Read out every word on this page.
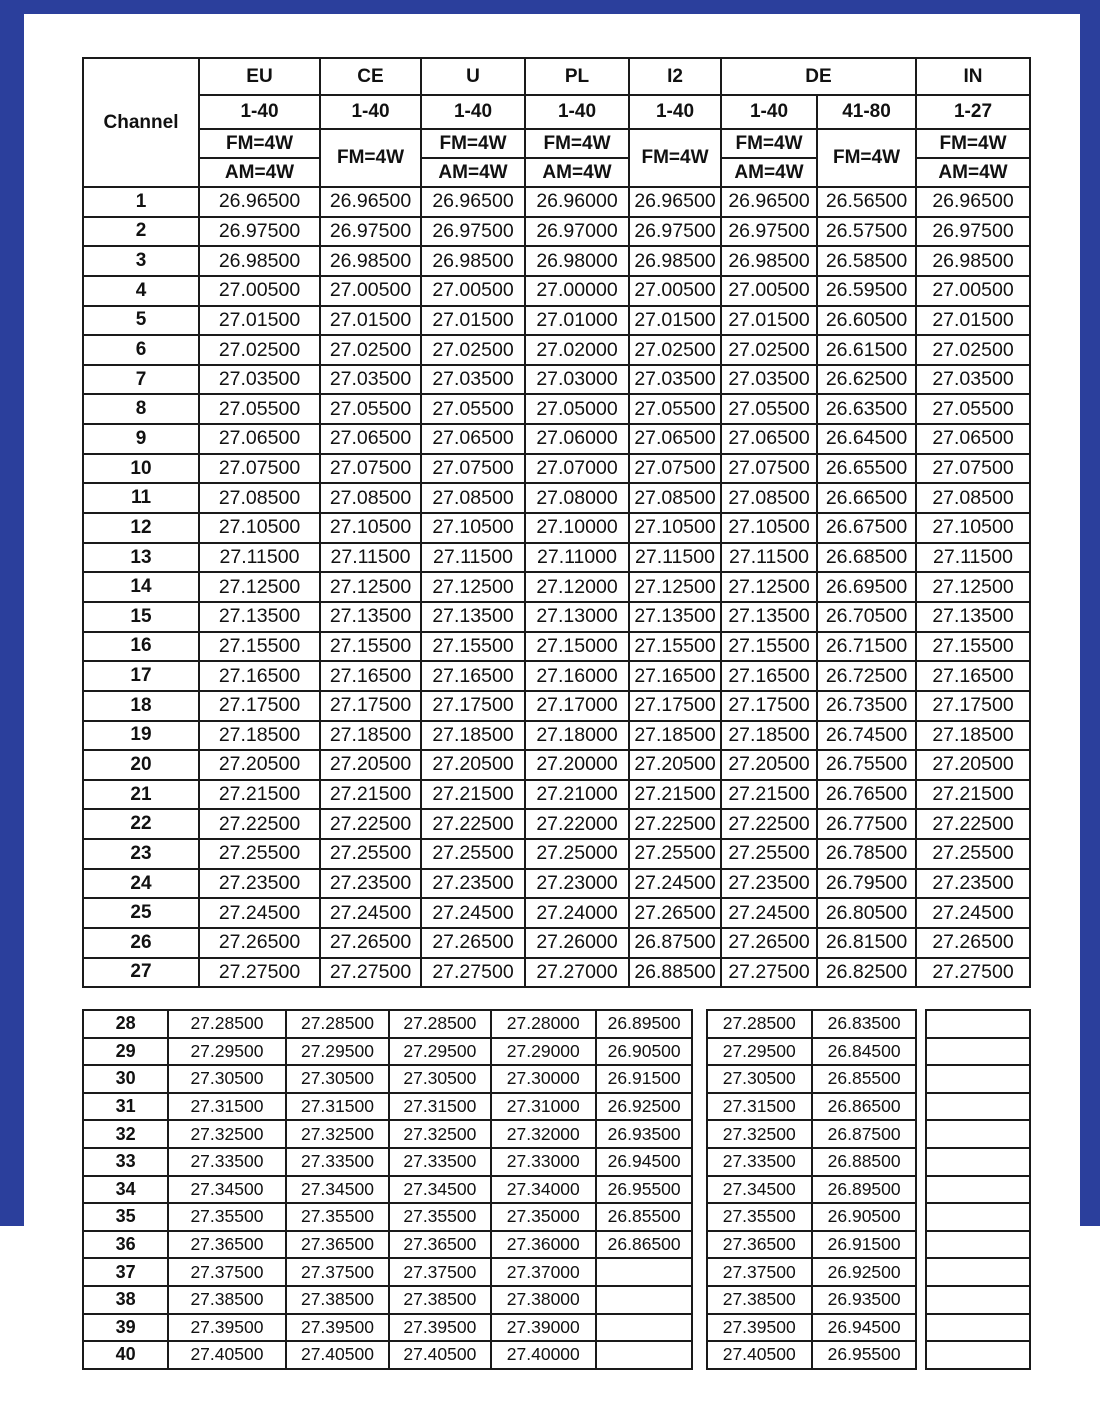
Channel	EU	CE	U	PL	I2	DE		IN
	1-40	1-40	1-40	1-40	1-40	1-40	41-80	1-27
	FM=4W	FM=4W	FM=4W	FM=4W	FM=4W	FM=4W	FM=4W	FM=4W
	AM=4W		AM=4W	AM=4W		AM=4W		AM=4W
1	26.96500	26.96500	26.96500	26.96000	26.96500	26.96500	26.56500	26.96500
2	26.97500	26.97500	26.97500	26.97000	26.97500	26.97500	26.57500	26.97500
3	26.98500	26.98500	26.98500	26.98000	26.98500	26.98500	26.58500	26.98500
4	27.00500	27.00500	27.00500	27.00000	27.00500	27.00500	26.59500	27.00500
5	27.01500	27.01500	27.01500	27.01000	27.01500	27.01500	26.60500	27.01500
6	27.02500	27.02500	27.02500	27.02000	27.02500	27.02500	26.61500	27.02500
7	27.03500	27.03500	27.03500	27.03000	27.03500	27.03500	26.62500	27.03500
8	27.05500	27.05500	27.05500	27.05000	27.05500	27.05500	26.63500	27.05500
9	27.06500	27.06500	27.06500	27.06000	27.06500	27.06500	26.64500	27.06500
10	27.07500	27.07500	27.07500	27.07000	27.07500	27.07500	26.65500	27.07500
11	27.08500	27.08500	27.08500	27.08000	27.08500	27.08500	26.66500	27.08500
12	27.10500	27.10500	27.10500	27.10000	27.10500	27.10500	26.67500	27.10500
13	27.11500	27.11500	27.11500	27.11000	27.11500	27.11500	26.68500	27.11500
14	27.12500	27.12500	27.12500	27.12000	27.12500	27.12500	26.69500	27.12500
15	27.13500	27.13500	27.13500	27.13000	27.13500	27.13500	26.70500	27.13500
16	27.15500	27.15500	27.15500	27.15000	27.15500	27.15500	26.71500	27.15500
17	27.16500	27.16500	27.16500	27.16000	27.16500	27.16500	26.72500	27.16500
18	27.17500	27.17500	27.17500	27.17000	27.17500	27.17500	26.73500	27.17500
19	27.18500	27.18500	27.18500	27.18000	27.18500	27.18500	26.74500	27.18500
20	27.20500	27.20500	27.20500	27.20000	27.20500	27.20500	26.75500	27.20500
21	27.21500	27.21500	27.21500	27.21000	27.21500	27.21500	26.76500	27.21500
22	27.22500	27.22500	27.22500	27.22000	27.22500	27.22500	26.77500	27.22500
23	27.25500	27.25500	27.25500	27.25000	27.25500	27.25500	26.78500	27.25500
24	27.23500	27.23500	27.23500	27.23000	27.24500	27.23500	26.79500	27.23500
25	27.24500	27.24500	27.24500	27.24000	27.26500	27.24500	26.80500	27.24500
26	27.26500	27.26500	27.26500	27.26000	26.87500	27.26500	26.81500	27.26500
27	27.27500	27.27500	27.27500	27.27000	26.88500	27.27500	26.82500	27.27500
28	27.28500	27.28500	27.28500	27.28000	26.89500		27.28500	26.83500		
29	27.29500	27.29500	27.29500	27.29000	26.90500		27.29500	26.84500		
30	27.30500	27.30500	27.30500	27.30000	26.91500		27.30500	26.85500		
31	27.31500	27.31500	27.31500	27.31000	26.92500		27.31500	26.86500		
32	27.32500	27.32500	27.32500	27.32000	26.93500		27.32500	26.87500		
33	27.33500	27.33500	27.33500	27.33000	26.94500		27.33500	26.88500		
34	27.34500	27.34500	27.34500	27.34000	26.95500		27.34500	26.89500		
35	27.35500	27.35500	27.35500	27.35000	26.85500		27.35500	26.90500		
36	27.36500	27.36500	27.36500	27.36000	26.86500		27.36500	26.91500		
37	27.37500	27.37500	27.37500	27.37000			27.37500	26.92500		
38	27.38500	27.38500	27.38500	27.38000			27.38500	26.93500		
39	27.39500	27.39500	27.39500	27.39000			27.39500	26.94500		
40	27.40500	27.40500	27.40500	27.40000			27.40500	26.95500		
